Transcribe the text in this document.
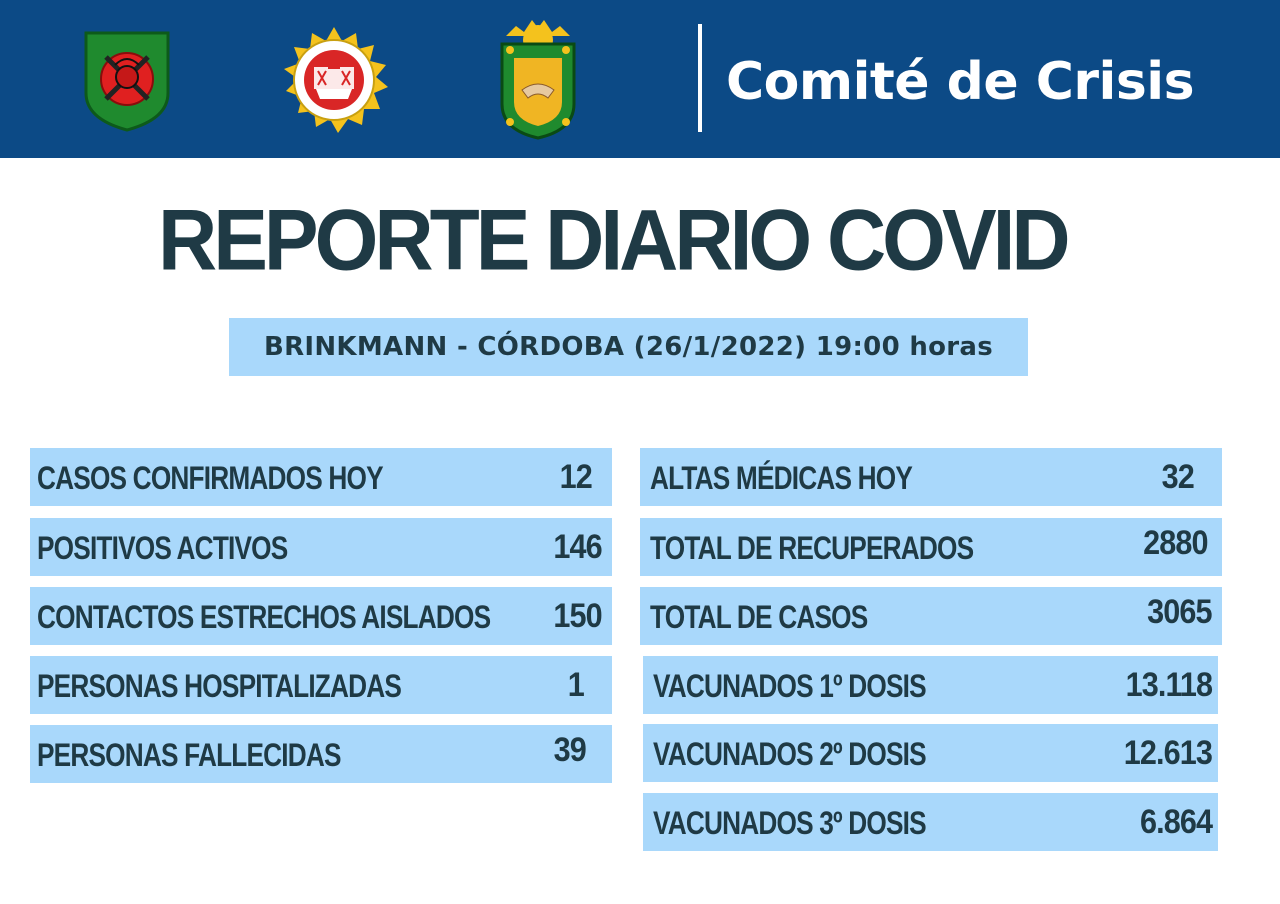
Comité de Crisis
REPORTE DIARIO COVID
BRINKMANN - CÓRDOBA (26/1/2022) 19:00 horas
CASOS CONFIRMADOS HOY	12
POSITIVOS ACTIVOS	146
CONTACTOS ESTRECHOS AISLADOS 150
PERSONAS HOSPITALIZADAS	1
PERSONAS FALLECIDAS	39
ALTAS MÉDICAS HOY	32
TOTAL DE RECUPERADOS	2880
TOTAL DE CASOS	3065
VACUNADOS 1º DOSIS	13.118
VACUNADOS 2º DOSIS	12.613
VACUNADOS 3º DOSIS	6.864
